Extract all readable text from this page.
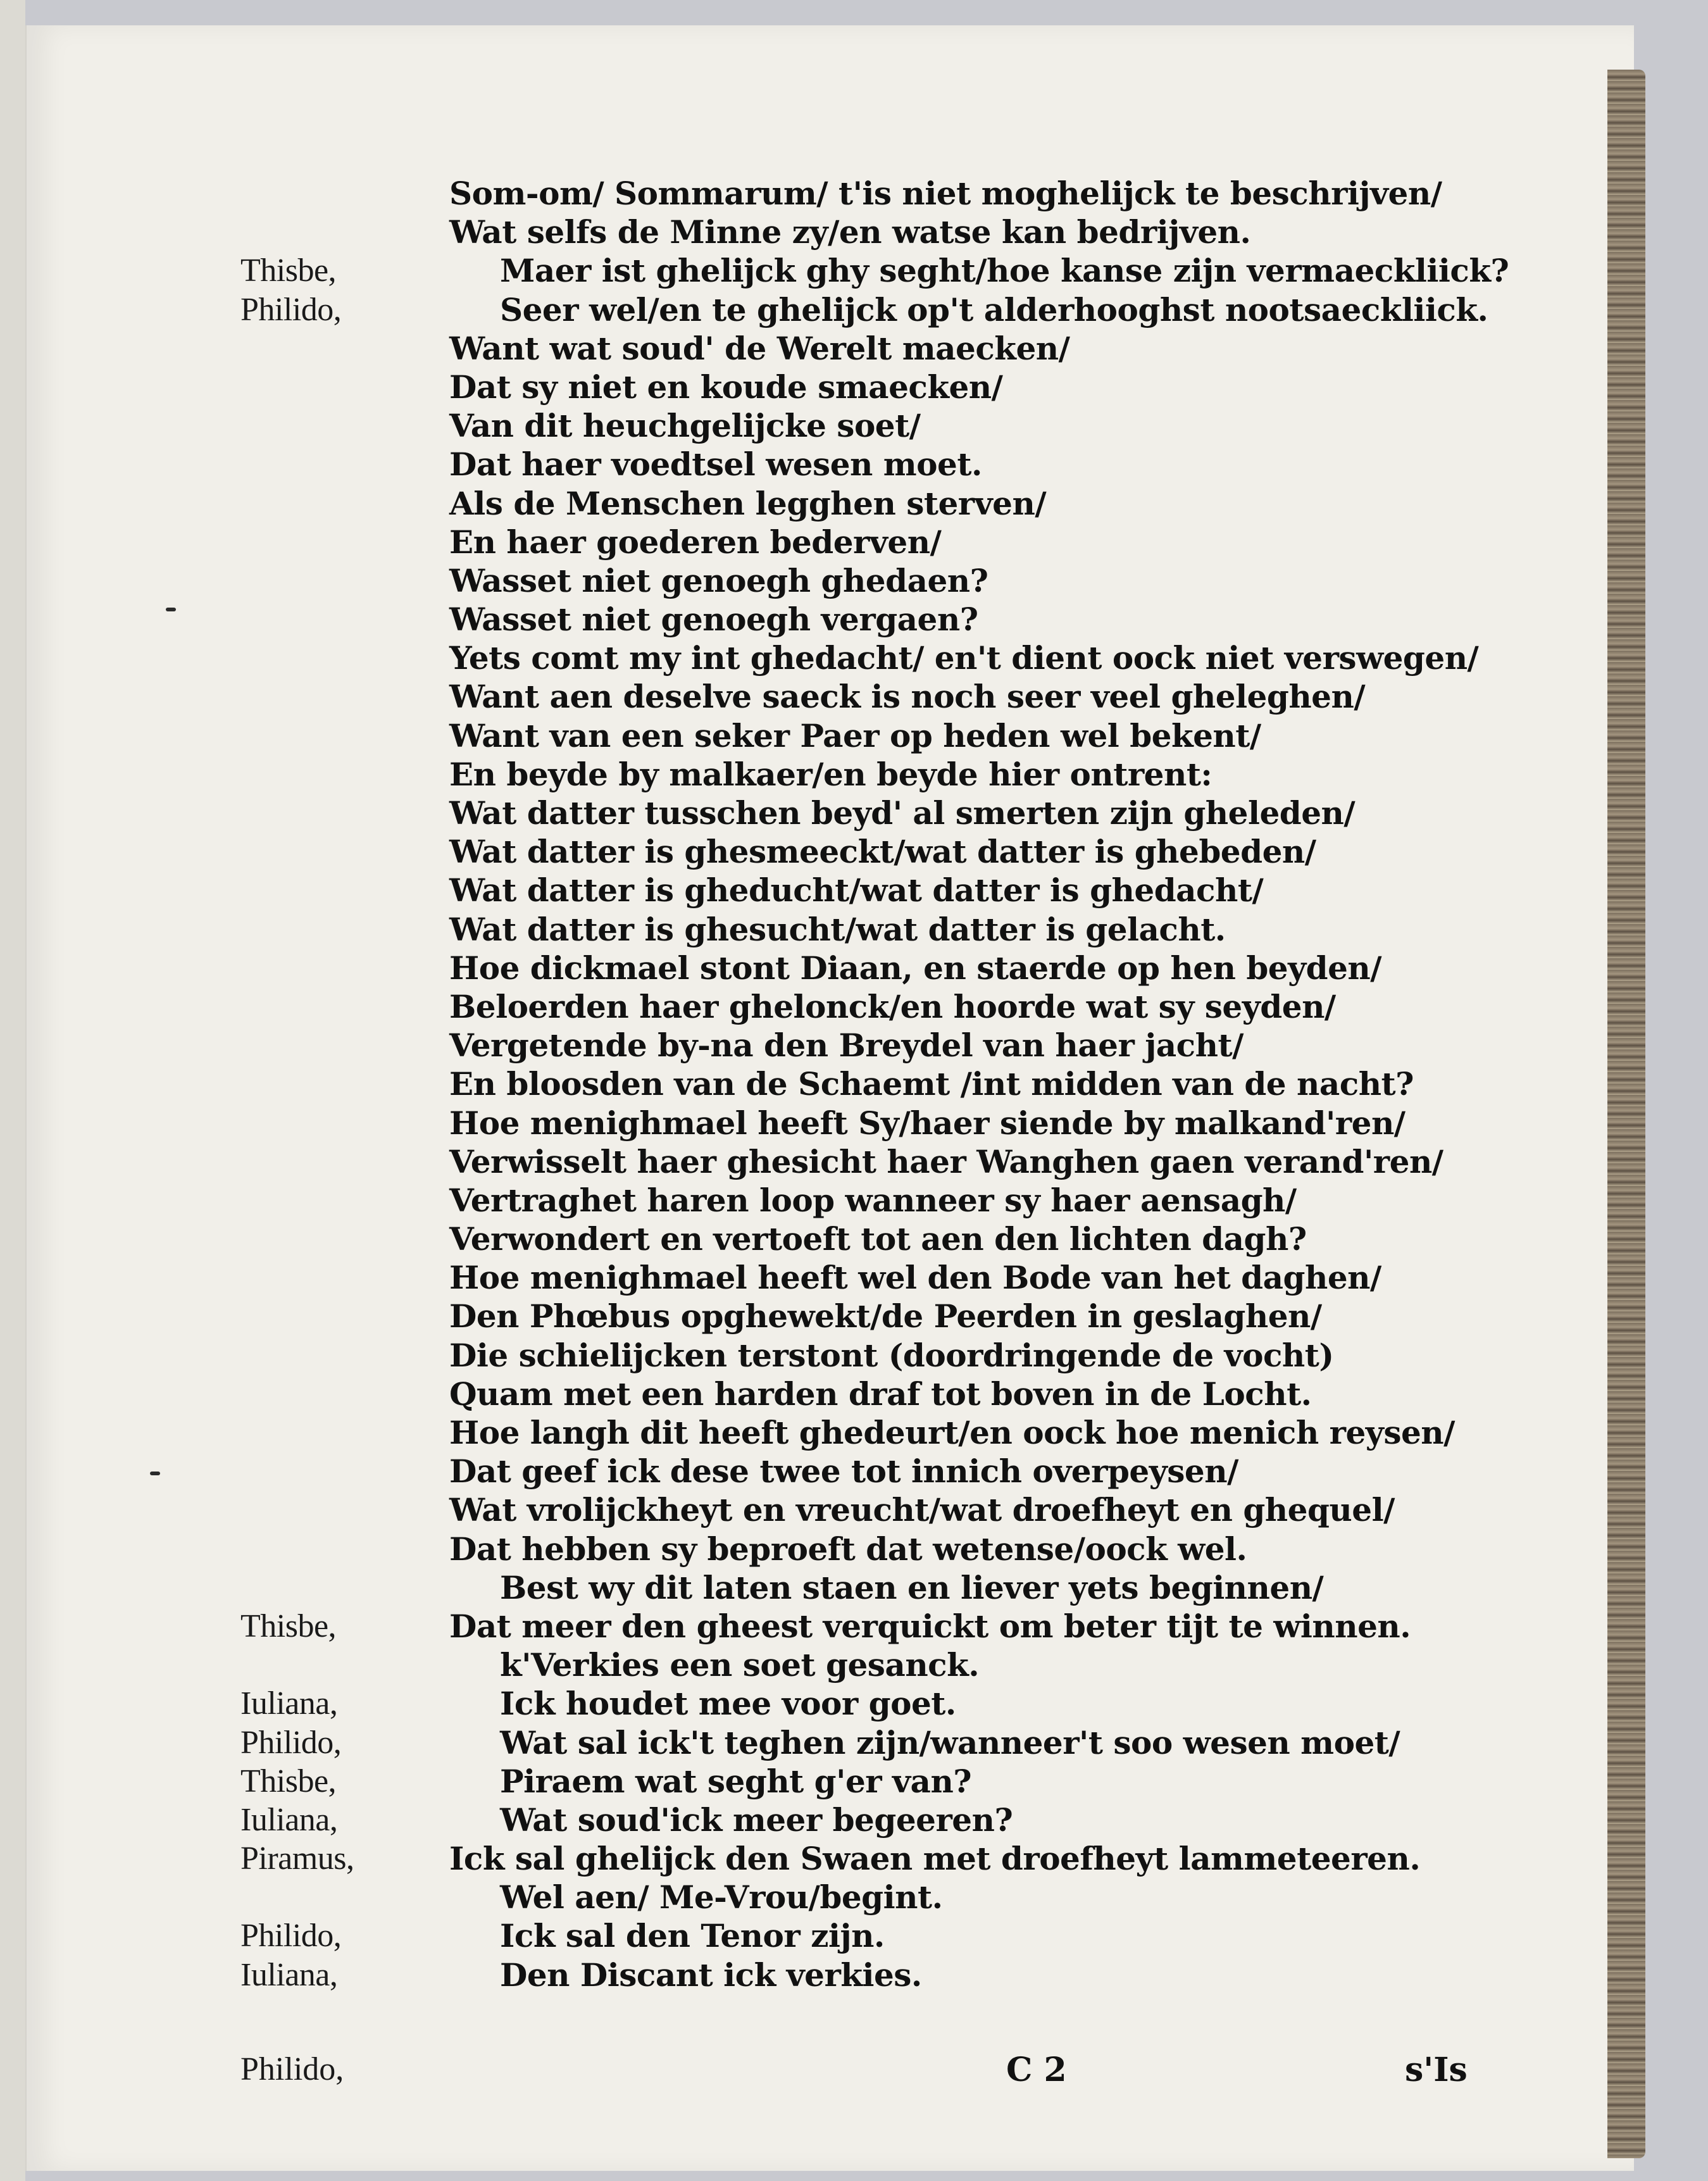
Som-om/ Sommarum/ t'is niet moghelijck te beschrijven/
Wat selfs de Minne zy/en watse kan bedrijven.
Thisbe,	Maer ist ghelijck ghy seght/hoe kanse zijn vermaeckliick?
Philido,	Seer wel/en te ghelijck op't alderhooghst nootsaeckliick.
Want wat soud' de Werelt maecken/
Dat sy niet en koude smaecken/
Van dit heuchgelijcke soet/
Dat haer voedtsel wesen moet.
Als de Menschen legghen sterven/
En haer goederen bederven/
Wasset niet genoegh ghedaen?
Wasset niet genoegh vergaen?
Yets comt my int ghedacht/ en't dient oock niet verswegen/
Want aen deselve saeck is noch seer veel gheleghen/
Want van een seker Paer op heden wel bekent/
En beyde by malkaer/en beyde hier ontrent:
Wat datter tusschen beyd' al smerten zijn gheleden/
Wat datter is ghesmeeckt/wat datter is ghebeden/
Wat datter is gheducht/wat datter is ghedacht/
Wat datter is ghesucht/wat datter is gelacht.
Hoe dickmael stont Diaan, en staerde op hen beyden/
Beloerden haer ghelonck/en hoorde wat sy seyden/
Vergetende by-na den Breydel van haer jacht/
En bloosden van de Schaemt /int midden van de nacht?
Hoe menighmael heeft Sy/haer siende by malkand'ren/
Verwisselt haer ghesicht haer Wanghen gaen verand'ren/
Vertraghet haren loop wanneer sy haer aensagh/
Verwondert en vertoeft tot aen den lichten dagh?
Hoe menighmael heeft wel den Bode van het daghen/
Den Phœbus opghewekt/de Peerden in geslaghen/
Die schielijcken terstont (doordringende de vocht)
Quam met een harden draf tot boven in de Locht.
Hoe langh dit heeft ghedeurt/en oock hoe menich reysen/
Dat geef ick dese twee tot innich overpeysen/
Wat vrolijckheyt en vreucht/wat droefheyt en ghequel/
Dat hebben sy beproeft dat wetense/oock wel.
Best wy dit laten staen en liever yets beginnen/
Thisbe,	Dat meer den gheest verquickt om beter tijt te winnen.
k'Verkies een soet gesanck.
Iuliana,	Ick houdet mee voor goet.
Philido,	Wat sal ick't teghen zijn/wanneer't soo wesen moet/
Thisbe,	Piraem wat seght g'er van?
Iuliana,	Wat soud'ick meer begeeren?
Piramus,	Ick sal ghelijck den Swaen met droefheyt lammeteeren.
Wel aen/ Me-Vrou/begint.
Philido,	Ick sal den Tenor zijn.
Iuliana,	Den Discant ick verkies.
Philido,	C 2	s'Is
